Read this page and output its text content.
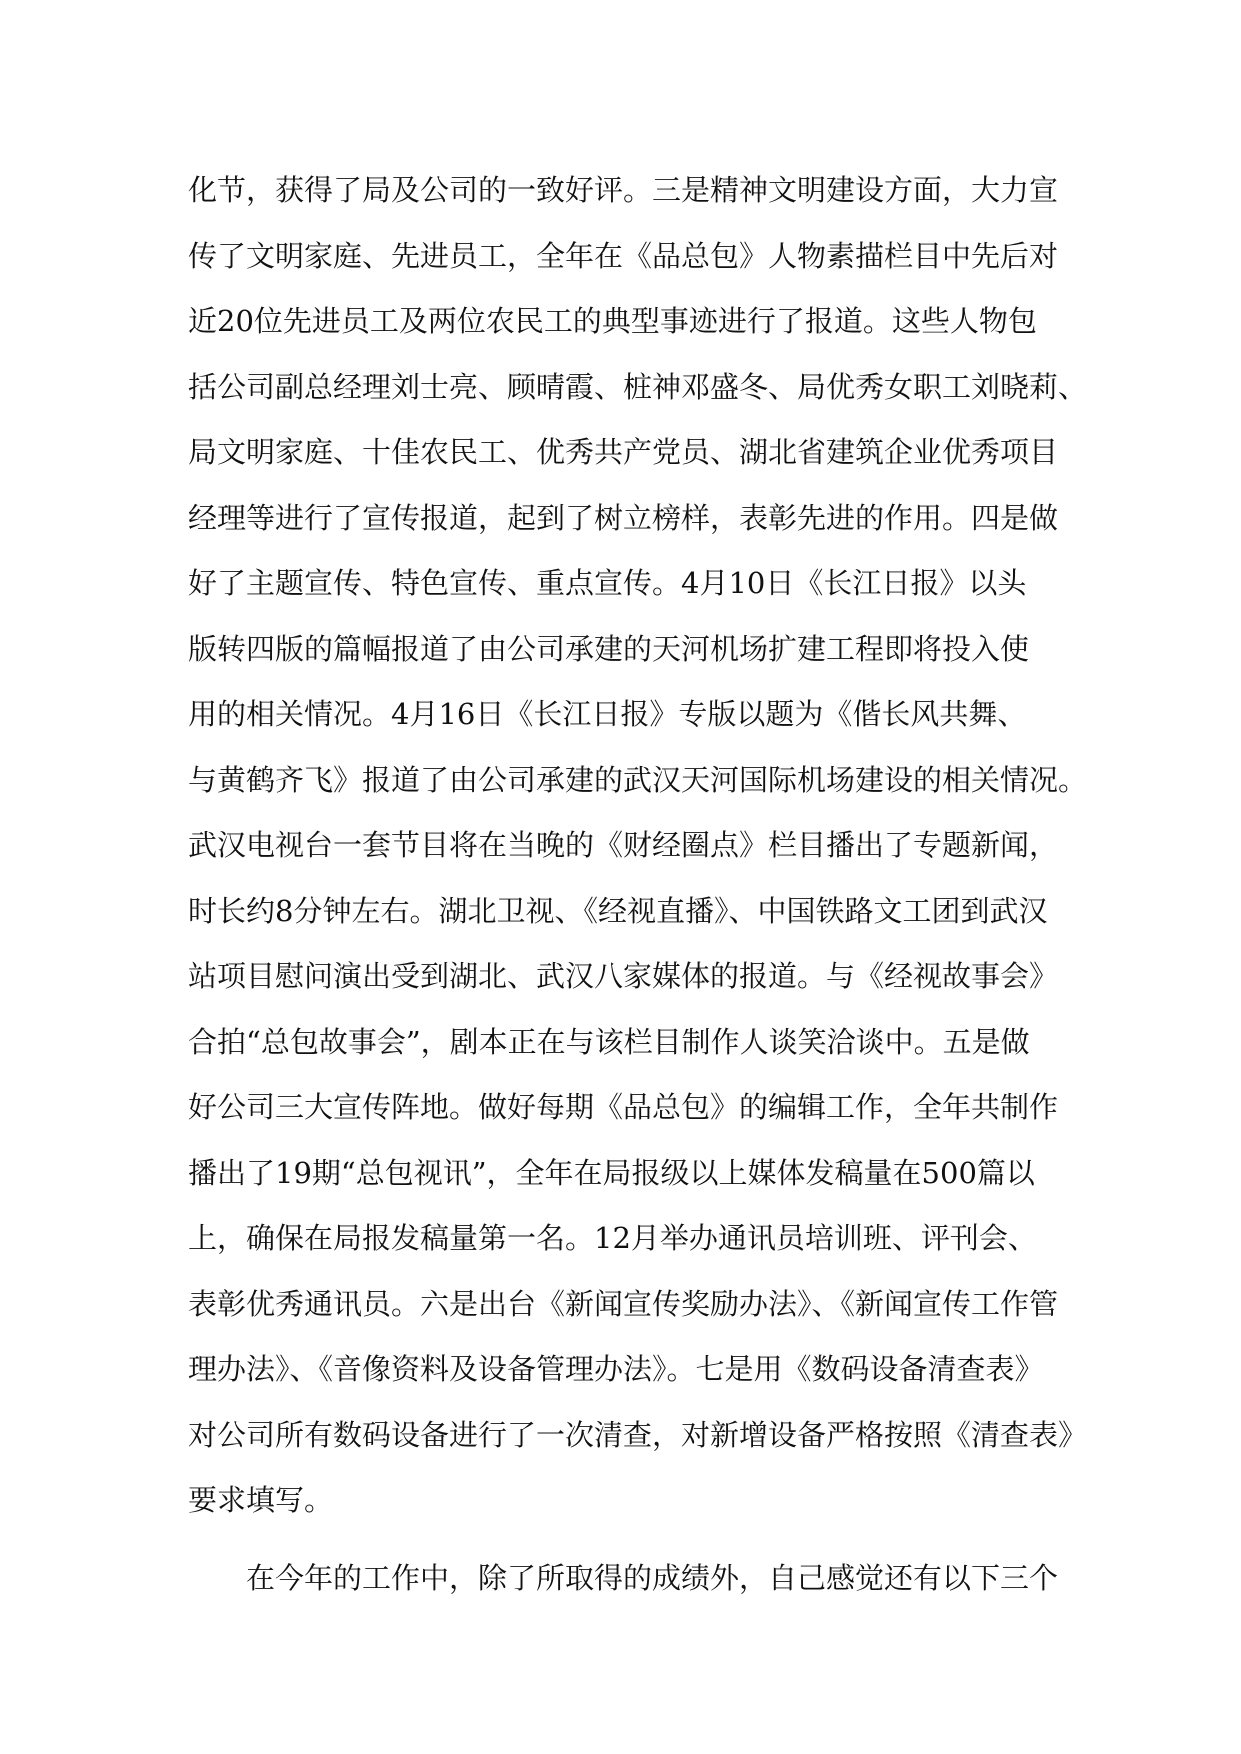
化节，获得了局及公司的一致好评。三是精神文明建设方面，大力宣
传了文明家庭、先进员工，全年在《品总包》人物素描栏目中先后对
近20位先进员工及两位农民工的典型事迹进行了报道。这些人物包
括公司副总经理刘士亮、顾晴霞、桩神邓盛冬、局优秀女职工刘晓莉、
局文明家庭、十佳农民工、优秀共产党员、湖北省建筑企业优秀项目
经理等进行了宣传报道，起到了树立榜样，表彰先进的作用。四是做
好了主题宣传、特色宣传、重点宣传。4月10日《长江日报》以头
版转四版的篇幅报道了由公司承建的天河机场扩建工程即将投入使
用的相关情况。4月16日《长江日报》专版以题为《偕长风共舞、
与黄鹤齐飞》报道了由公司承建的武汉天河国际机场建设的相关情况。
武汉电视台一套节目将在当晚的《财经圈点》栏目播出了专题新闻，
时长约8分钟左右。湖北卫视、《经视直播》、中国铁路文工团到武汉
站项目慰问演出受到湖北、武汉八家媒体的报道。与《经视故事会》
合拍“总包故事会”，剧本正在与该栏目制作人谈笑洽谈中。五是做
好公司三大宣传阵地。做好每期《品总包》的编辑工作，全年共制作
播出了19期“总包视讯”，全年在局报级以上媒体发稿量在500篇以
上，确保在局报发稿量第一名。12月举办通讯员培训班、评刊会、
表彰优秀通讯员。六是出台《新闻宣传奖励办法》、《新闻宣传工作管
理办法》、《音像资料及设备管理办法》。七是用《数码设备清查表》
对公司所有数码设备进行了一次清查，对新增设备严格按照《清查表》
要求填写。
在今年的工作中，除了所取得的成绩外，自己感觉还有以下三个
